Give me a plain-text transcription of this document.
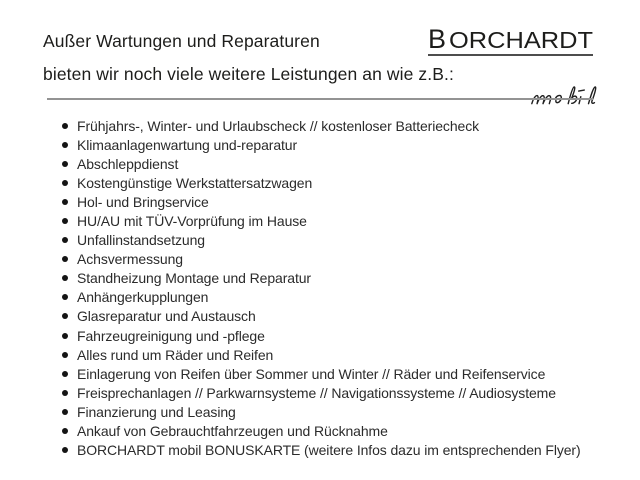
Außer Wartungen und Reparaturen
bieten wir noch viele weitere Leistungen an wie z.B.:
B ORCHARDT
Frühjahrs-, Winter- und Urlaubscheck // kostenloser Batteriecheck
Klimaanlagenwartung und-reparatur
Abschleppdienst
Kostengünstige Werkstattersatzwagen
Hol- und Bringservice
HU/AU mit TÜV-Vorprüfung im Hause
Unfallinstandsetzung
Achsvermessung
Standheizung Montage und Reparatur
Anhängerkupplungen
Glasreparatur und Austausch
Fahrzeugreinigung und -pflege
Alles rund um Räder und Reifen
Einlagerung von Reifen über Sommer und Winter // Räder und Reifenservice
Freisprechanlagen // Parkwarnsysteme // Navigationssysteme // Audiosysteme
Finanzierung und Leasing
Ankauf von Gebrauchtfahrzeugen und Rücknahme
BORCHARDT mobil BONUSKARTE (weitere Infos dazu im entsprechenden Flyer)
